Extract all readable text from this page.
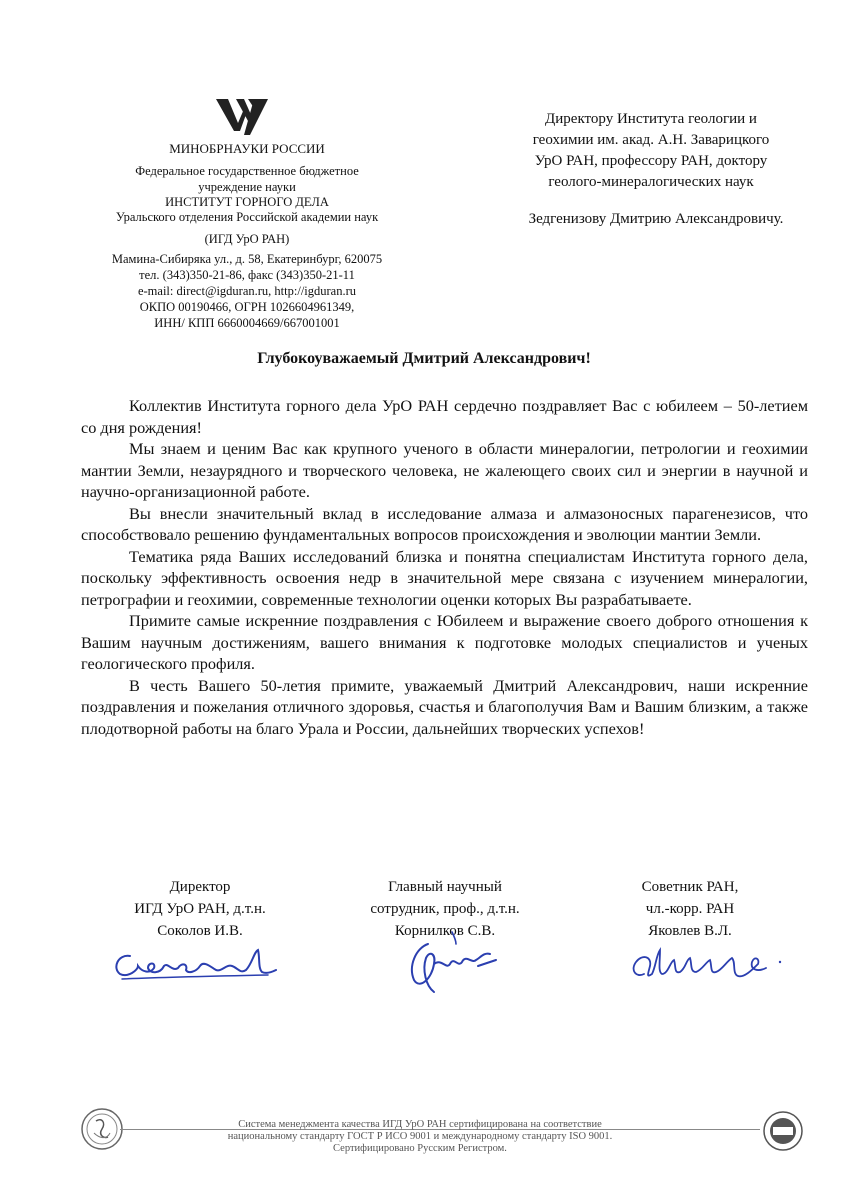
МИНОБРНАУКИ РОССИИ
Федеральное государственное бюджетное
учреждение науки
ИНСТИТУТ ГОРНОГО ДЕЛА
Уральского отделения Российской академии наук
(ИГД УрО РАН)
Мамина-Сибиряка ул., д. 58, Екатеринбург, 620075
тел. (343)350-21-86, факс (343)350-21-11
e-mail: direct@igduran.ru, http://igduran.ru
ОКПО 00190466, ОГРН 1026604961349,
ИНН/ КПП 6660004669/667001001
Директору Института геологии и
геохимии им. акад. А.Н. Заварицкого
УрО РАН, профессору РАН, доктору
геолого-минералогических наук
Зедгенизову Дмитрию Александровичу.
Глубокоуважаемый Дмитрий Александрович!

Коллектив Института горного дела УрО РАН сердечно поздравляет Вас с юбилеем – 50-летием со дня рождения!

Мы знаем и ценим Вас как крупного ученого в области минералогии, петрологии и геохимии мантии Земли, незаурядного и творческого человека, не жалеющего своих сил и энергии в научной и научно-организационной работе.

Вы внесли значительный вклад в исследование алмаза и алмазоносных парагенезисов, что способствовало решению фундаментальных вопросов происхождения и эволюции мантии Земли.

Тематика ряда Ваших исследований близка и понятна специалистам Института горного дела, поскольку эффективность освоения недр в значительной мере связана с изучением минералогии, петрографии и геохимии, современные технологии оценки которых Вы разрабатываете.

Примите самые искренние поздравления с Юбилеем и выражение своего доброго отношения к Вашим научным достижениям, вашего внимания к подготовке молодых специалистов и ученых геологического профиля.

В честь Вашего 50-летия примите, уважаемый Дмитрий Александрович, наши искренние поздравления и пожелания отличного здоровья, счастья и благополучия Вам и Вашим близким, а также плодотворной работы на благо Урала и России, дальнейших творческих успехов!

Директор
ИГД УрО РАН, д.т.н.
Соколов И.В.
Главный научный
сотрудник, проф., д.т.н.
Корнилков С.В.
Советник РАН,
чл.-корр. РАН
Яковлев В.Л.
Система менеджмента качества ИГД УрО РАН сертифицирована на соответствие
национальному стандарту ГОСТ Р ИСО 9001 и международному стандарту ISO 9001.
Сертифицировано Русским Регистром.
